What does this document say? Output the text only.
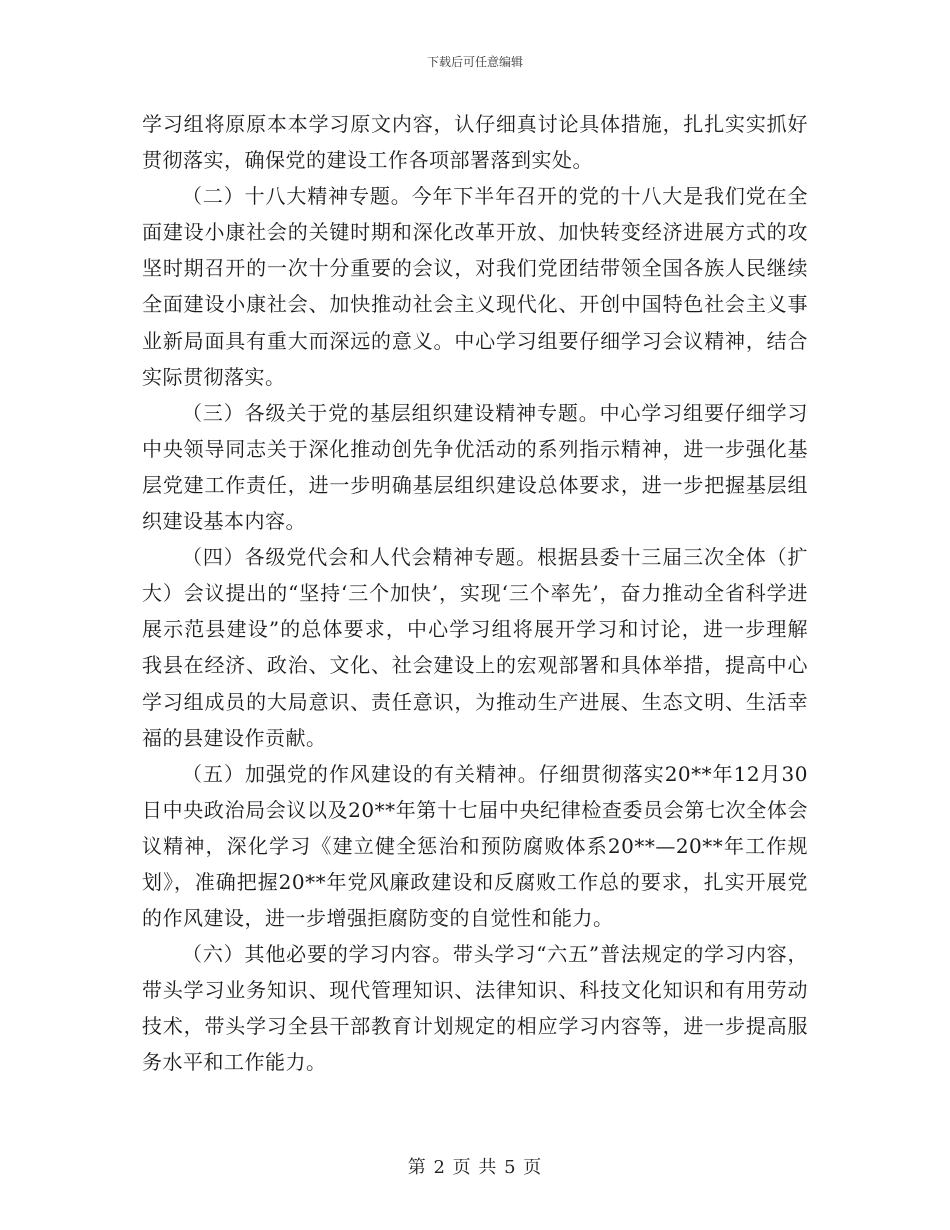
下载后可任意编辑

学习组将原原本本学习原文内容，认仔细真讨论具体措施，扎扎实实抓好贯彻落实，确保党的建设工作各项部署落到实处。

（二）十八大精神专题。今年下半年召开的党的十八大是我们党在全面建设小康社会的关键时期和深化改革开放、加快转变经济进展方式的攻坚时期召开的一次十分重要的会议，对我们党团结带领全国各族人民继续全面建设小康社会、加快推动社会主义现代化、开创中国特色社会主义事业新局面具有重大而深远的意义。中心学习组要仔细学习会议精神，结合实际贯彻落实。

（三）各级关于党的基层组织建设精神专题。中心学习组要仔细学习中央领导同志关于深化推动创先争优活动的系列指示精神，进一步强化基层党建工作责任，进一步明确基层组织建设总体要求，进一步把握基层组织建设基本内容。

（四）各级党代会和人代会精神专题。根据县委十三届三次全体（扩大）会议提出的“坚持‘三个加快’，实现‘三个率先’，奋力推动全省科学进展示范县建设”的总体要求，中心学习组将展开学习和讨论，进一步理解我县在经济、政治、文化、社会建设上的宏观部署和具体举措，提高中心学习组成员的大局意识、责任意识，为推动生产进展、生态文明、生活幸福的县建设作贡献。

（五）加强党的作风建设的有关精神。仔细贯彻落实20**年12月30日中央政治局会议以及20**年第十七届中央纪律检查委员会第七次全体会议精神，深化学习《建立健全惩治和预防腐败体系20**—20**年工作规划》，准确把握20**年党风廉政建设和反腐败工作总的要求，扎实开展党的作风建设，进一步增强拒腐防变的自觉性和能力。

（六）其他必要的学习内容。带头学习“六五”普法规定的学习内容，带头学习业务知识、现代管理知识、法律知识、科技文化知识和有用劳动技术，带头学习全县干部教育计划规定的相应学习内容等，进一步提高服务水平和工作能力。

第 2 页 共 5 页
